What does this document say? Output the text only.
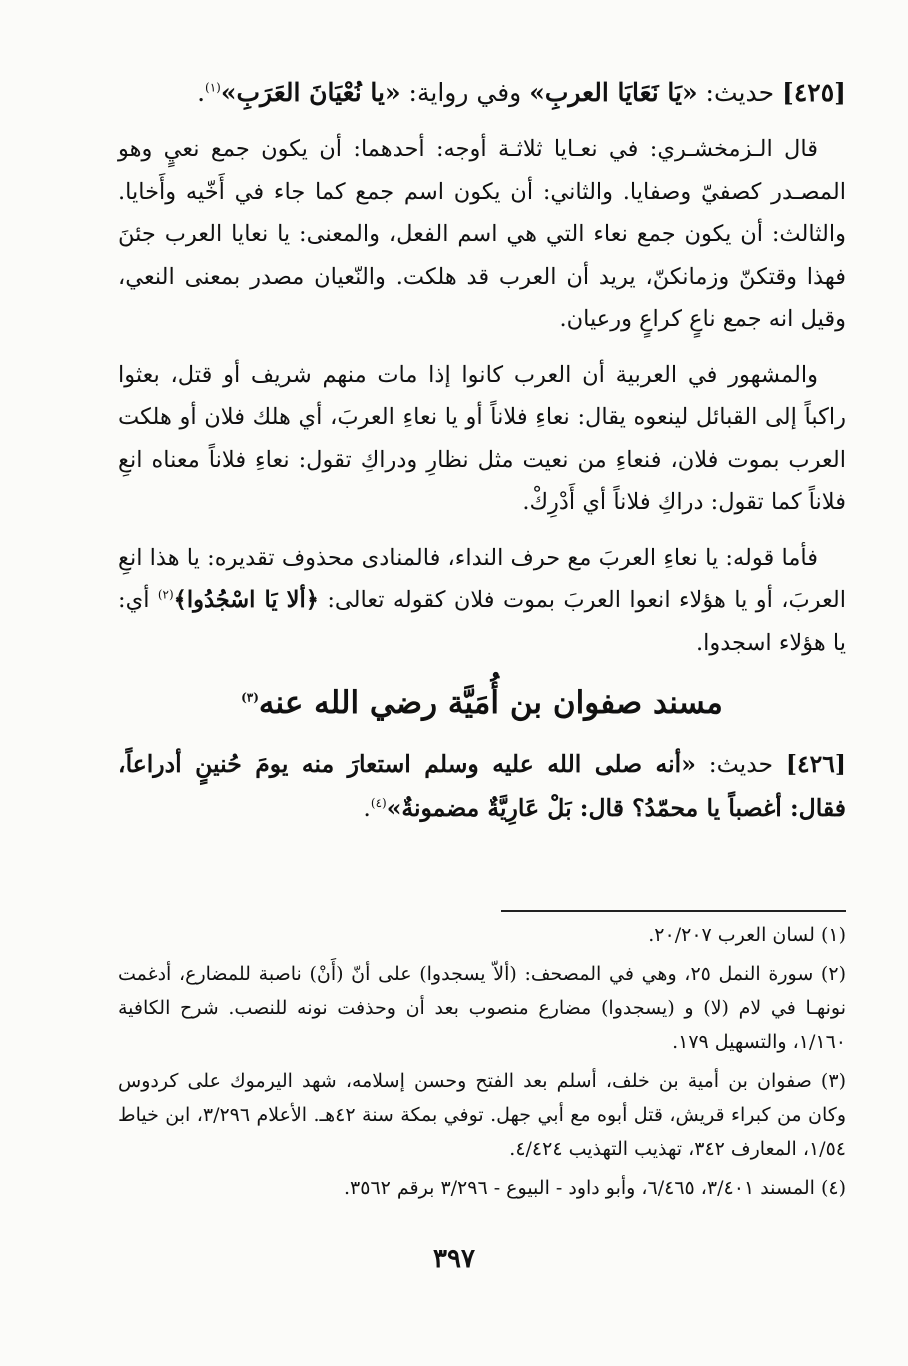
[٤٢٥] حديث: «يَا نَعَايَا العربِ» وفي رواية: «يا نُعْيَانَ العَرَبِ»$^{(١)}$.

قال الـزمخشـري: في نعـايا ثلاثـة أوجه: أحدهما: أن يكون جمع نعيٍ وهو المصـدر كصفيّ وصفايا. والثاني: أن يكون اسم جمع كما جاء في أَخّيه وأَخايا. والثالث: أن يكون جمع نعاء التي هي اسم الفعل، والمعنى: يا نعايا العرب جئنَ فهذا وقتكنّ وزمانكنّ، يريد أن العرب قد هلكت. والنّعيان مصدر بمعنى النعي، وقيل انه جمع ناعٍ كراعٍ ورعيان.

والمشهور في العربية أن العرب كانوا إذا مات منهم شريف أو قتل، بعثوا راكباً إلى القبائل لينعوه يقال: نعاءِ فلاناً أو يا نعاءِ العربَ، أي هلك فلان أو هلكت العرب بموت فلان، فنعاءِ من نعيت مثل نظارِ ودراكِ تقول: نعاءِ فلاناً معناه انعِ فلاناً كما تقول: دراكِ فلاناً أي أَدْرِكْ.

فأما قوله: يا نعاءِ العربَ مع حرف النداء، فالمنادى محذوف تقديره: يا هذا انعِ العربَ، أو يا هؤلاء انعوا العربَ بموت فلان كقوله تعالى: ﴿ألا يَا اسْجُدُوا﴾$^{(٢)}$ أي: يا هؤلاء اسجدوا.

مسند صفوان بن أُمَيَّة رضي الله عنه$^{(٣)}$

[٤٢٦] حديث: «أنه صلى الله عليه وسلم استعارَ منه يومَ حُنينٍ أدراعاً، فقال: أغصباً يا محمّدُ؟ قال: بَلْ عَارِيَّةٌ مضمونةٌ»$^{(٤)}$.

(١) لسان العرب ٢٠/٢٠٧.

(٢) سورة النمل ٢٥، وهي في المصحف: (ألاّ يسجدوا) على أنّ (أَنْ) ناصبة للمضارع، أدغمت نونهـا في لام (لا) و (يسجدوا) مضارع منصوب بعد أن وحذفت نونه للنصب. شرح الكافية ١/١٦٠، والتسهيل ١٧٩.

(٣) صفوان بن أمية بن خلف، أسلم بعد الفتح وحسن إسلامه، شهد اليرموك على كردوس وكان من كبراء قريش، قتل أبوه مع أبي جهل. توفي بمكة سنة ٤٢هـ. الأعلام ٣/٢٩٦، ابن خياط ١/٥٤، المعارف ٣٤٢، تهذيب التهذيب ٤/٤٢٤.

(٤) المسند ٣/٤٠١، ٦/٤٦٥، وأبو داود - البيوع - ٣/٢٩٦ برقم ٣٥٦٢.

٣٩٧
